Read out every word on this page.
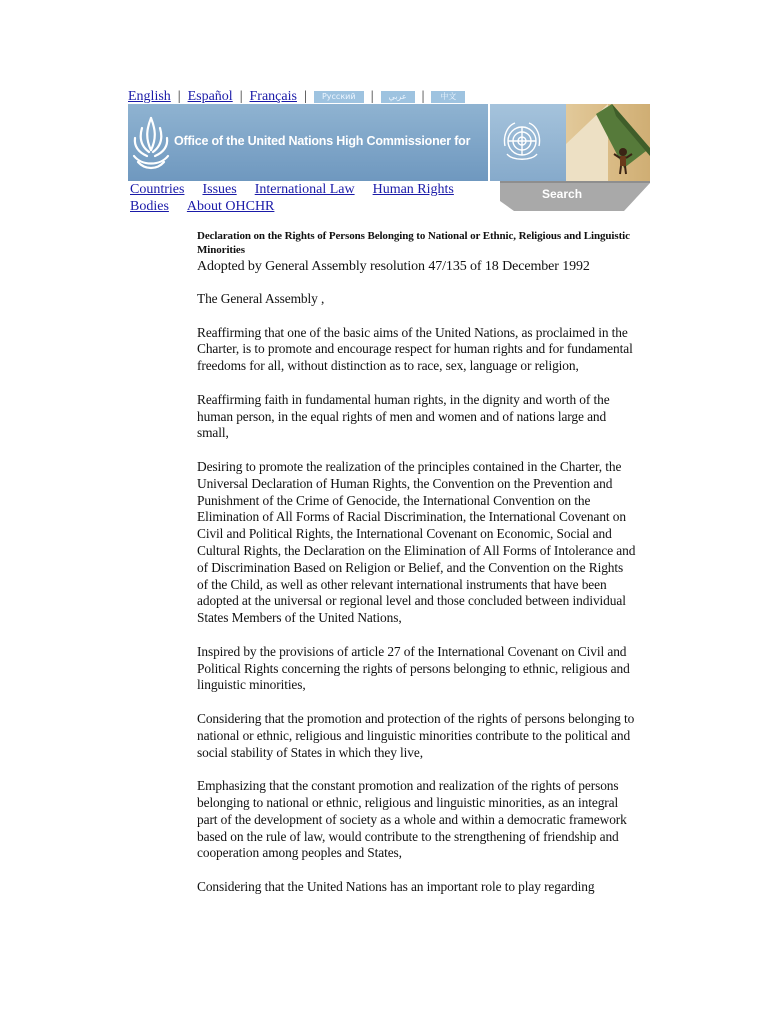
English | Español | Français |	Русский	|	عربي	|	中文
Office of the United Nations High Commissioner for
Countries Issues International Law Human Rights
Bodies About OHCHR
Search
Declaration on the Rights of Persons Belonging to National or Ethnic, Religious and Linguistic Minorities
Adopted by General Assembly resolution 47/135 of 18 December 1992

The General Assembly ,

Reaffirming that one of the basic aims of the United Nations, as proclaimed in the Charter, is to promote and encourage respect for human rights and for fundamental freedoms for all, without distinction as to race, sex, language or religion,

Reaffirming faith in fundamental human rights, in the dignity and worth of the human person, in the equal rights of men and women and of nations large and small,

Desiring to promote the realization of the principles contained in the Charter, the Universal Declaration of Human Rights, the Convention on the Prevention and Punishment of the Crime of Genocide, the International Convention on the Elimination of All Forms of Racial Discrimination, the International Covenant on Civil and Political Rights, the International Covenant on Economic, Social and Cultural Rights, the Declaration on the Elimination of All Forms of Intolerance and of Discrimination Based on Religion or Belief, and the Convention on the Rights of the Child, as well as other relevant international instruments that have been adopted at the universal or regional level and those concluded between individual States Members of the United Nations,

Inspired by the provisions of article 27 of the International Covenant on Civil and Political Rights concerning the rights of persons belonging to ethnic, religious and linguistic minorities,

Considering that the promotion and protection of the rights of persons belonging to national or ethnic, religious and linguistic minorities contribute to the political and social stability of States in which they live,

Emphasizing that the constant promotion and realization of the rights of persons belonging to national or ethnic, religious and linguistic minorities, as an integral part of the development of society as a whole and within a democratic framework based on the rule of law, would contribute to the strengthening of friendship and cooperation among peoples and States,

Considering that the United Nations has an important role to play regarding
